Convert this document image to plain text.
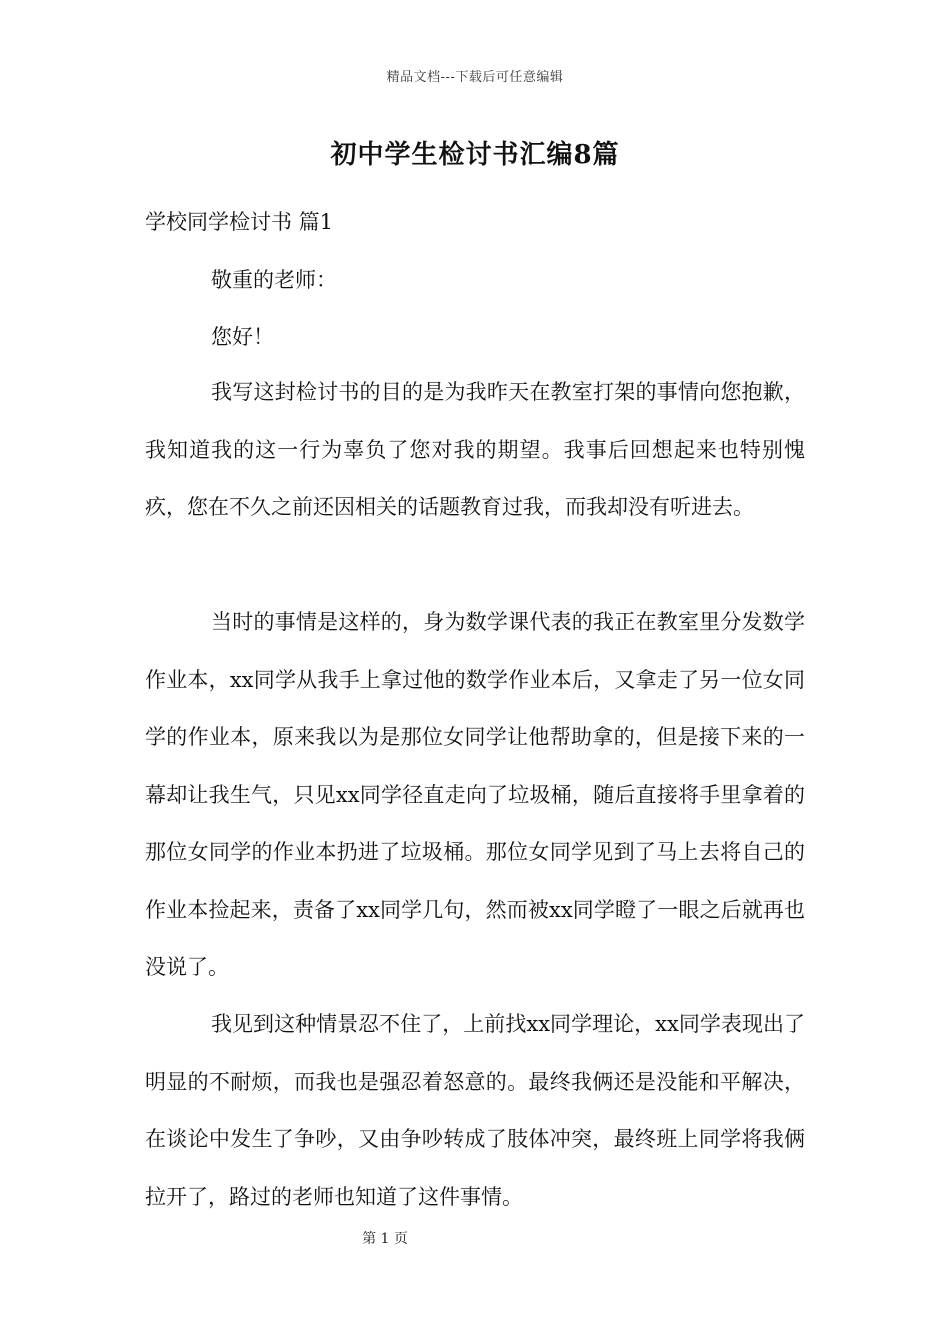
精品文档---下载后可任意编辑
初中学生检讨书汇编8篇
学校同学检讨书 篇1
敬重的老师：
您好！

我写这封检讨书的目的是为我昨天在教室打架的事情向您抱歉，我知道我的这一行为辜负了您对我的期望。我事后回想起来也特别愧疚，您在不久之前还因相关的话题教育过我，而我却没有听进去。

当时的事情是这样的，身为数学课代表的我正在教室里分发数学作业本，xx同学从我手上拿过他的数学作业本后，又拿走了另一位女同学的作业本，原来我以为是那位女同学让他帮助拿的，但是接下来的一幕却让我生气，只见xx同学径直走向了垃圾桶，随后直接将手里拿着的那位女同学的作业本扔进了垃圾桶。那位女同学见到了马上去将自己的作业本捡起来，责备了xx同学几句，然而被xx同学瞪了一眼之后就再也没说了。

我见到这种情景忍不住了，上前找xx同学理论，xx同学表现出了明显的不耐烦，而我也是强忍着怒意的。最终我俩还是没能和平解决，在谈论中发生了争吵，又由争吵转成了肢体冲突，最终班上同学将我俩拉开了，路过的老师也知道了这件事情。

第 1 页
